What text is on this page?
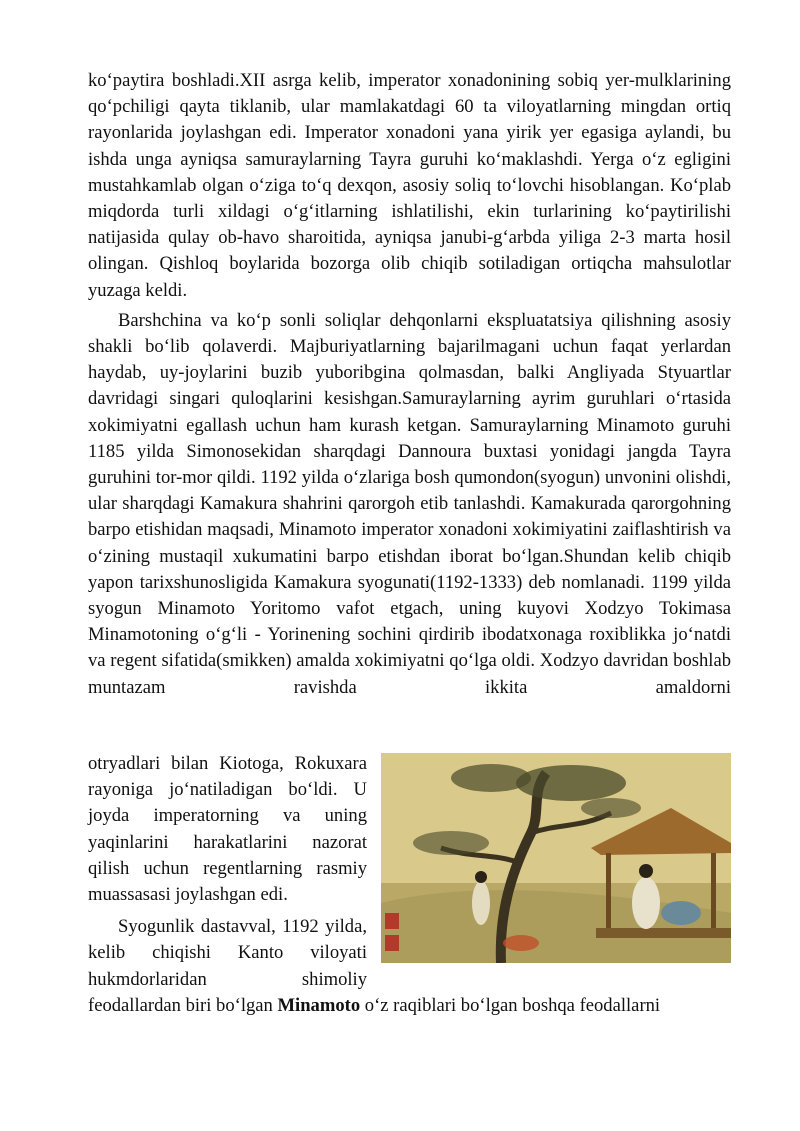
ko‘paytira boshladi.XII asrga kelib, imperator xonadonining sobiq yer-mulklarining qo‘pchiligi qayta tiklanib, ular mamlakatdagi 60 ta viloyatlarning mingdan ortiq rayonlarida joylashgan edi. Imperator xonadoni yana yirik yer egasiga aylandi, bu ishda unga ayniqsa samuraylarning Tayra guruhi ko‘maklashdi. Yerga o‘z egligini mustahkamlab olgan o‘ziga to‘q dexqon, asosiy soliq to‘lovchi hisoblangan. Ko‘plab miqdorda turli xildagi o‘g‘itlarning ishlatilishi, ekin turlarining ko‘paytirilishi natijasida qulay ob-havo sharoitida, ayniqsa janubi-g‘arbda yiliga 2-3 marta hosil olingan. Qishloq boylarida bozorga olib chiqib sotiladigan ortiqcha mahsulotlar yuzaga keldi.

Barshchina va ko‘p sonli soliqlar dehqonlarni ekspluatatsiya qilishning asosiy shakli bo‘lib qolaverdi. Majburiyatlarning bajarilmagani uchun faqat yerlardan haydab, uy-joylarini buzib yuboribgina qolmasdan, balki Angliyada Styuartlar davridagi singari quloqlarini kesishgan.Samuraylarning ayrim guruhlari o‘rtasida xokimiyatni egallash uchun ham kurash ketgan. Samuraylarning Minamoto guruhi 1185 yilda Simonosekidan sharqdagi Dannoura buxtasi yonidagi jangda Tayra guruhini tor-mor qildi. 1192 yilda o‘zlariga bosh qumondon(syogun) unvonini olishdi, ular sharqdagi Kamakura shahrini qarorgoh etib tanlashdi. Kamakurada qarorgohning barpo etishidan maqsadi, Minamoto imperator xonadoni xokimiyatini zaiflashtirish va o‘zining mustaqil xukumatini barpo etishdan iborat bo‘lgan.Shundan kelib chiqib yapon tarixshunosligida Kamakura syogunati(1192-1333) deb nomlanadi. 1199 yilda syogun Minamoto Yoritomo vafot etgach, uning kuyovi Xodzyo Tokimasa Minamotoning o‘g‘li - Yorinening sochini qirdirib ibodatxonaga roxiblikka jo‘natdi va regent sifatida(smikken) amalda xokimiyatni qo‘lga oldi. Xodzyo davridan boshlab muntazam ravishda ikkita amaldorni

otryadlari bilan Kiotoga, Rokuxara rayoniga jo‘natiladigan bo‘ldi. U joyda imperatorning va uning yaqinlarini harakatlarini nazorat qilish uchun regentlarning rasmiy muassasasi joylashgan edi.

Syogunlik dastavval, 1192 yilda, kelib chiqishi Kanto viloyati hukmdorlaridan shimoliy feodallardan biri bo‘lgan Minamoto o‘z raqiblari bo‘lgan boshqa feodallarni
